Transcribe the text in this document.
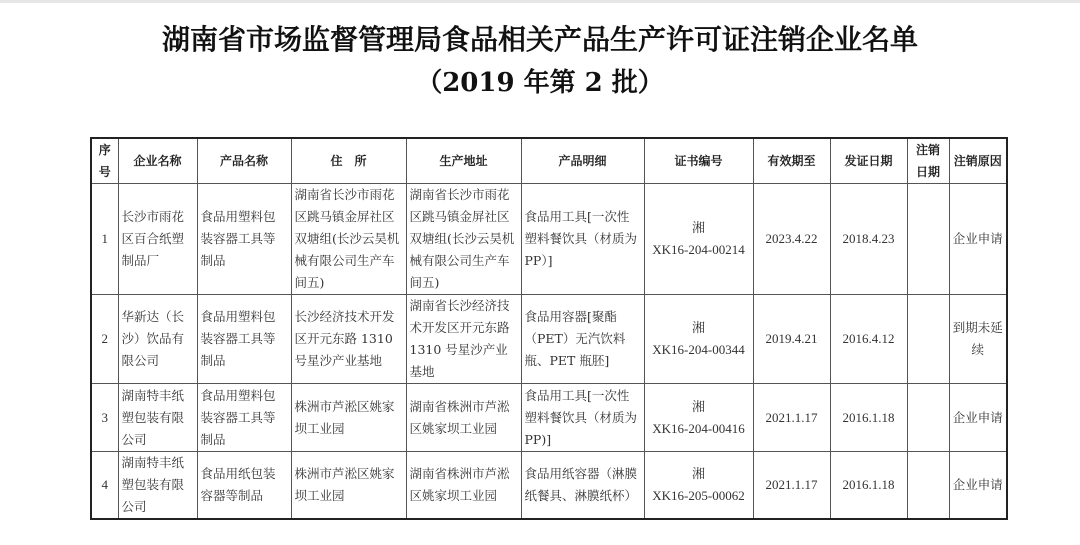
湖南省市场监督管理局食品相关产品生产许可证注销企业名单
（2019 年第 2 批）
序号	企业名称	产品名称	住　所	生产地址	产品明细	证书编号	有效期至	发证日期	注销日期	注销原因
1	长沙市雨花区百合纸塑制品厂	食品用塑料包装容器工具等制品	湖南省长沙市雨花区跳马镇金屏社区双塘组(长沙云昊机械有限公司生产车间五)	湖南省长沙市雨花区跳马镇金屏社区双塘组(长沙云昊机械有限公司生产车间五)	食品用工具[一次性塑料餐饮具（材质为PP）]	湘
XK16-204-00214	2023.4.22	2018.4.23		企业申请
2	华新达（长沙）饮品有限公司	食品用塑料包装容器工具等制品	长沙经济技术开发区开元东路 1310 号星沙产业基地	湖南省长沙经济技术开发区开元东路 1310 号星沙产业基地	食品用容器[聚酯（PET）无汽饮料瓶、PET 瓶胚]	湘
XK16-204-00344	2019.4.21	2016.4.12		到期未延续
3	湖南特丰纸塑包装有限公司	食品用塑料包装容器工具等制品	株洲市芦淞区姚家坝工业园	湖南省株洲市芦淞区姚家坝工业园	食品用工具[一次性塑料餐饮具（材质为PP)]	湘
XK16-204-00416	2021.1.17	2016.1.18		企业申请
4	湖南特丰纸塑包装有限公司	食品用纸包装容器等制品	株洲市芦淞区姚家坝工业园	湖南省株洲市芦淞区姚家坝工业园	食品用纸容器（淋膜纸餐具、淋膜纸杯）	湘
XK16-205-00062	2021.1.17	2016.1.18		企业申请
